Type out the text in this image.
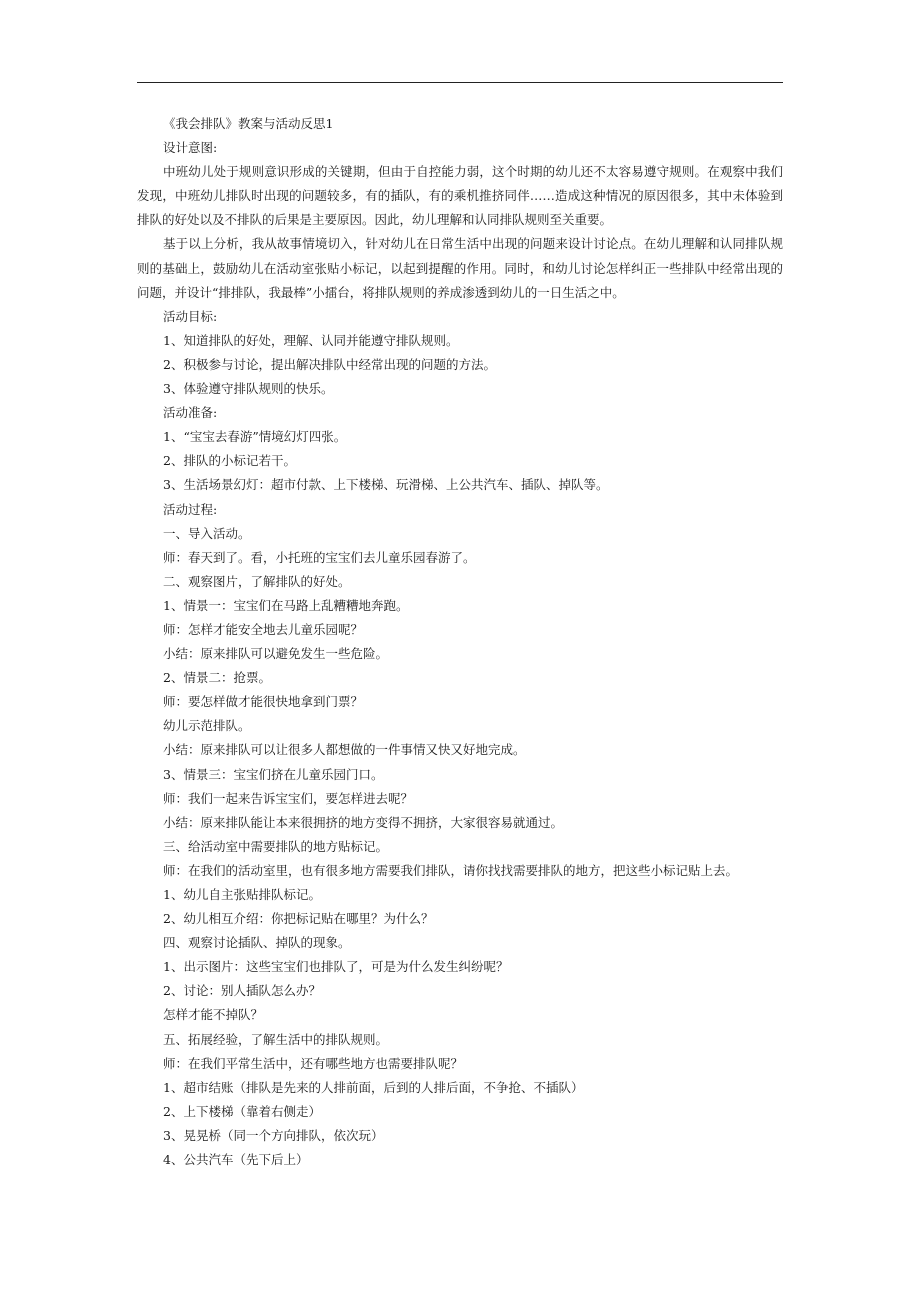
《我会排队》教案与活动反思1
设计意图:
中班幼儿处于规则意识形成的关键期，但由于自控能力弱，这个时期的幼儿还不太容易遵守规则。在观察中我们发现，中班幼儿排队时出现的问题较多，有的插队，有的乘机推挤同伴……造成这种情况的原因很多，其中未体验到排队的好处以及不排队的后果是主要原因。因此，幼儿理解和认同排队规则至关重要。
基于以上分析，我从故事情境切入，针对幼儿在日常生活中出现的问题来设计讨论点。在幼儿理解和认同排队规则的基础上，鼓励幼儿在活动室张贴小标记，以起到提醒的作用。同时，和幼儿讨论怎样纠正一些排队中经常出现的问题，并设计“排排队，我最棒”小擂台，将排队规则的养成渗透到幼儿的一日生活之中。
活动目标:
1、知道排队的好处，理解、认同并能遵守排队规则。
2、积极参与讨论，提出解决排队中经常出现的问题的方法。
3、体验遵守排队规则的快乐。
活动准备:
1、“宝宝去春游”情境幻灯四张。
2、排队的小标记若干。
3、生活场景幻灯：超市付款、上下楼梯、玩滑梯、上公共汽车、插队、掉队等。
活动过程:
一、导入活动。
师：春天到了。看，小托班的宝宝们去儿童乐园春游了。
二、观察图片，了解排队的好处。
1、情景一：宝宝们在马路上乱糟糟地奔跑。
师：怎样才能安全地去儿童乐园呢？
小结：原来排队可以避免发生一些危险。
2、情景二：抢票。
师：要怎样做才能很快地拿到门票？
幼儿示范排队。
小结：原来排队可以让很多人都想做的一件事情又快又好地完成。
3、情景三：宝宝们挤在儿童乐园门口。
师：我们一起来告诉宝宝们，要怎样进去呢？
小结：原来排队能让本来很拥挤的地方变得不拥挤，大家很容易就通过。
三、给活动室中需要排队的地方贴标记。
师：在我们的活动室里，也有很多地方需要我们排队，请你找找需要排队的地方，把这些小标记贴上去。
1、幼儿自主张贴排队标记。
2、幼儿相互介绍：你把标记贴在哪里？为什么？
四、观察讨论插队、掉队的现象。
1、出示图片：这些宝宝们也排队了，可是为什么发生纠纷呢？
2、讨论：别人插队怎么办？
怎样才能不掉队？
五、拓展经验，了解生活中的排队规则。
师：在我们平常生活中，还有哪些地方也需要排队呢？
1、超市结账（排队是先来的人排前面，后到的人排后面，不争抢、不插队）
2、上下楼梯（靠着右侧走）
3、晃晃桥（同一个方向排队，依次玩）
4、公共汽车（先下后上）
